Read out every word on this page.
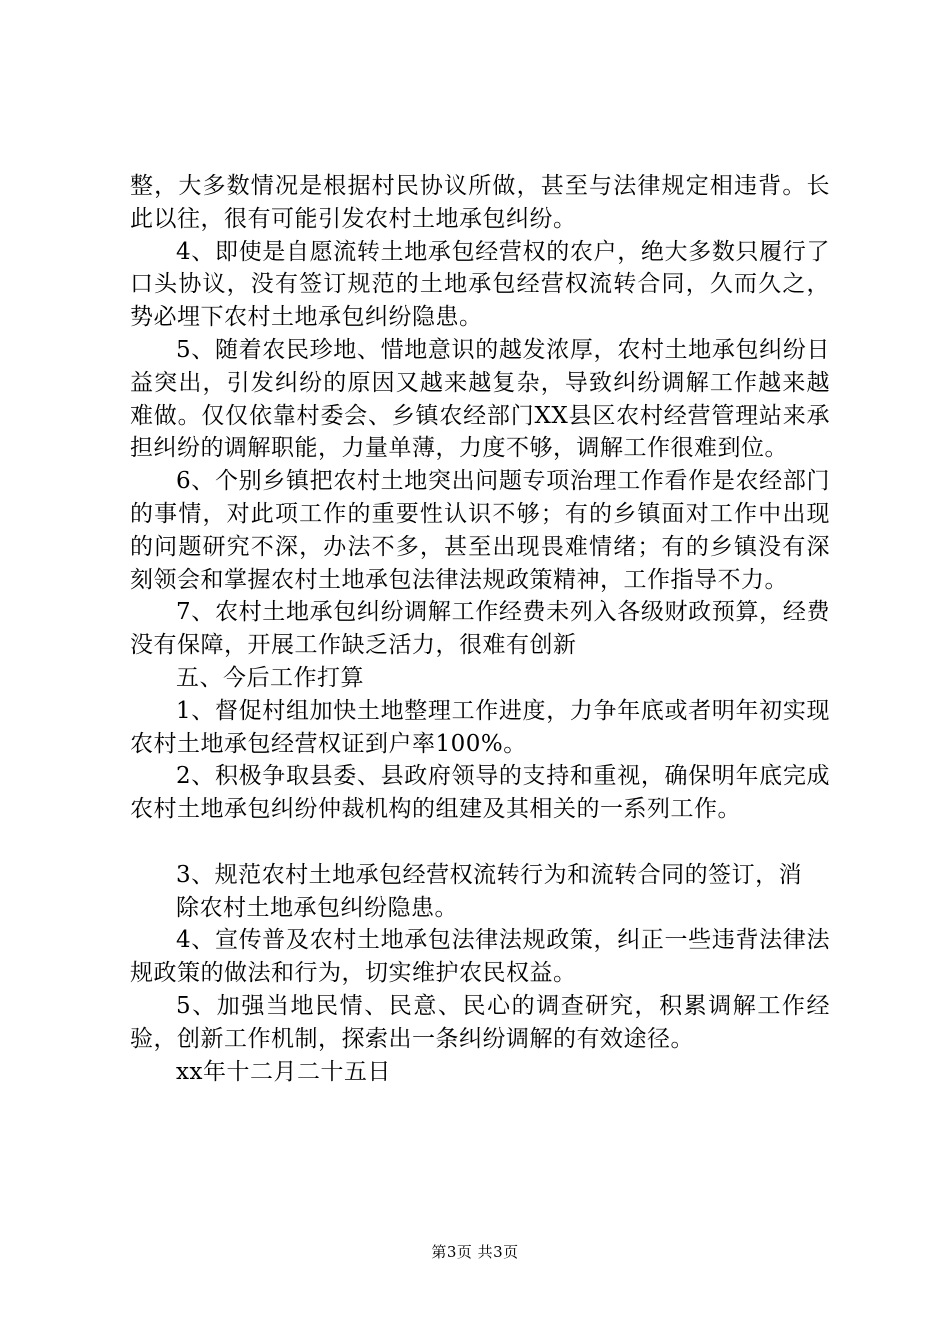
整，大多数情况是根据村民协议所做，甚至与法律规定相违背。长此以往，很有可能引发农村土地承包纠纷。

4、即使是自愿流转土地承包经营权的农户，绝大多数只履行了口头协议，没有签订规范的土地承包经营权流转合同，久而久之，势必埋下农村土地承包纠纷隐患。

5、随着农民珍地、惜地意识的越发浓厚，农村土地承包纠纷日益突出，引发纠纷的原因又越来越复杂，导致纠纷调解工作越来越难做。仅仅依靠村委会、乡镇农经部门XX县区农村经营管理站来承担纠纷的调解职能，力量单薄，力度不够，调解工作很难到位。

6、个别乡镇把农村土地突出问题专项治理工作看作是农经部门的事情，对此项工作的重要性认识不够；有的乡镇面对工作中出现的问题研究不深，办法不多，甚至出现畏难情绪；有的乡镇没有深刻领会和掌握农村土地承包法律法规政策精神，工作指导不力。

7、农村土地承包纠纷调解工作经费未列入各级财政预算，经费没有保障，开展工作缺乏活力，很难有创新

五、今后工作打算

1、督促村组加快土地整理工作进度，力争年底或者明年初实现农村土地承包经营权证到户率100%。

2、积极争取县委、县政府领导的支持和重视，确保明年底完成农村土地承包纠纷仲裁机构的组建及其相关的一系列工作。

3、规范农村土地承包经营权流转行为和流转合同的签订，消

除农村土地承包纠纷隐患。

4、宣传普及农村土地承包法律法规政策，纠正一些违背法律法规政策的做法和行为，切实维护农民权益。

5、加强当地民情、民意、民心的调查研究，积累调解工作经验，创新工作机制，探索出一条纠纷调解的有效途径。

xx年十二月二十五日

第3页 共3页
